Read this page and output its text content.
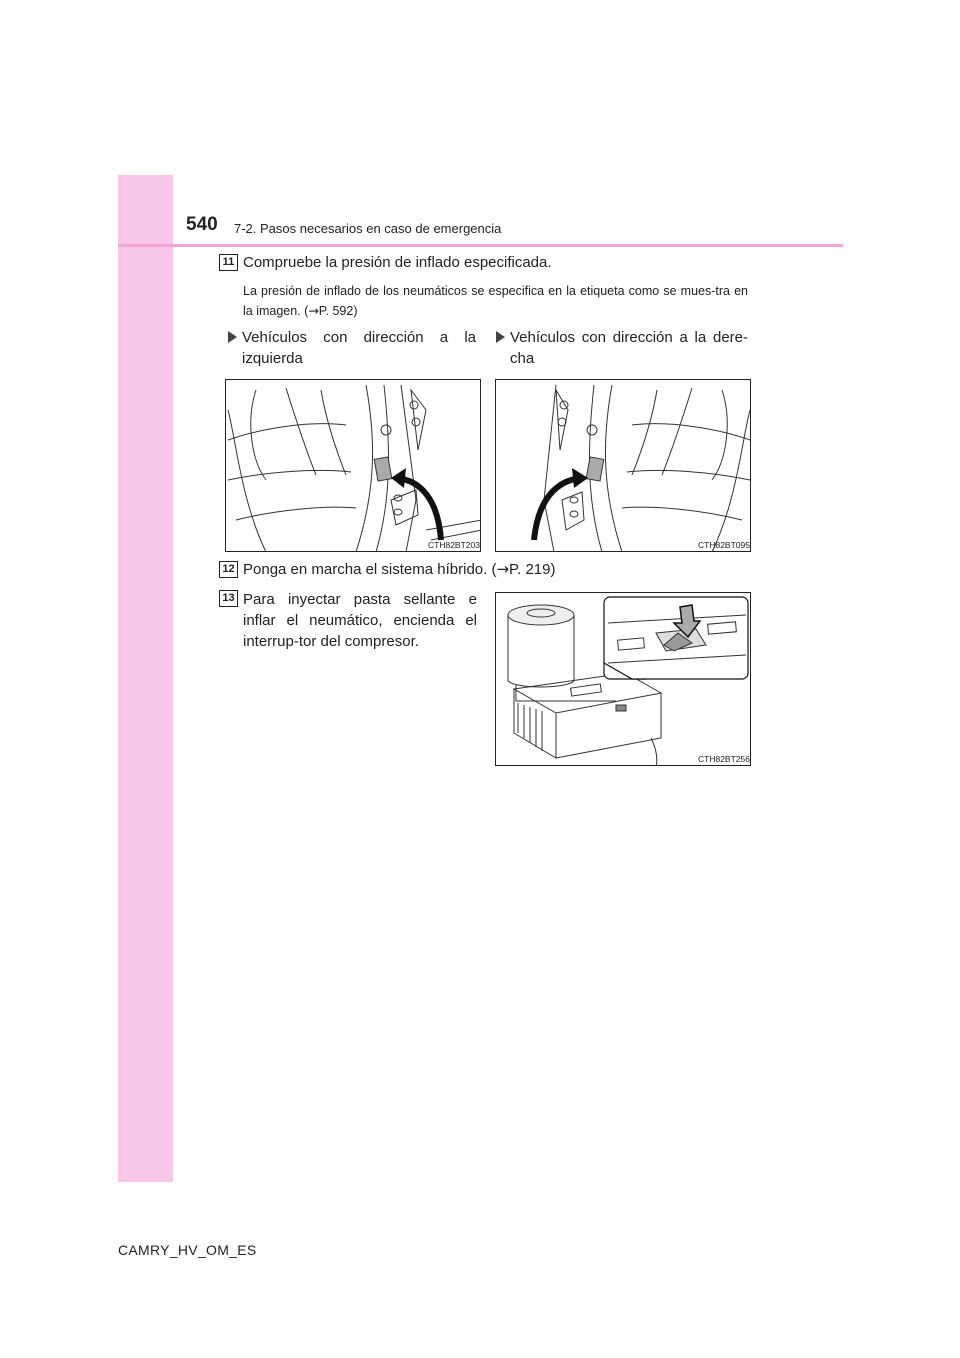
540 7-2. Pasos necesarios en caso de emergencia
11 Compruebe la presión de inflado especificada.
La presión de inflado de los neumáticos se especifica en la etiqueta como se mues-tra en la imagen. (→P. 592)
Vehículos con dirección a la izquierda
Vehículos con dirección a la dere-cha
CTH82BT203	CTH82BT095
12 Ponga en marcha el sistema híbrido. (→P. 219)
13 Para inyectar pasta sellante e inflar el neumático, encienda el interrup-tor del compresor.
CTH82BT256
CAMRY_HV_OM_ES
